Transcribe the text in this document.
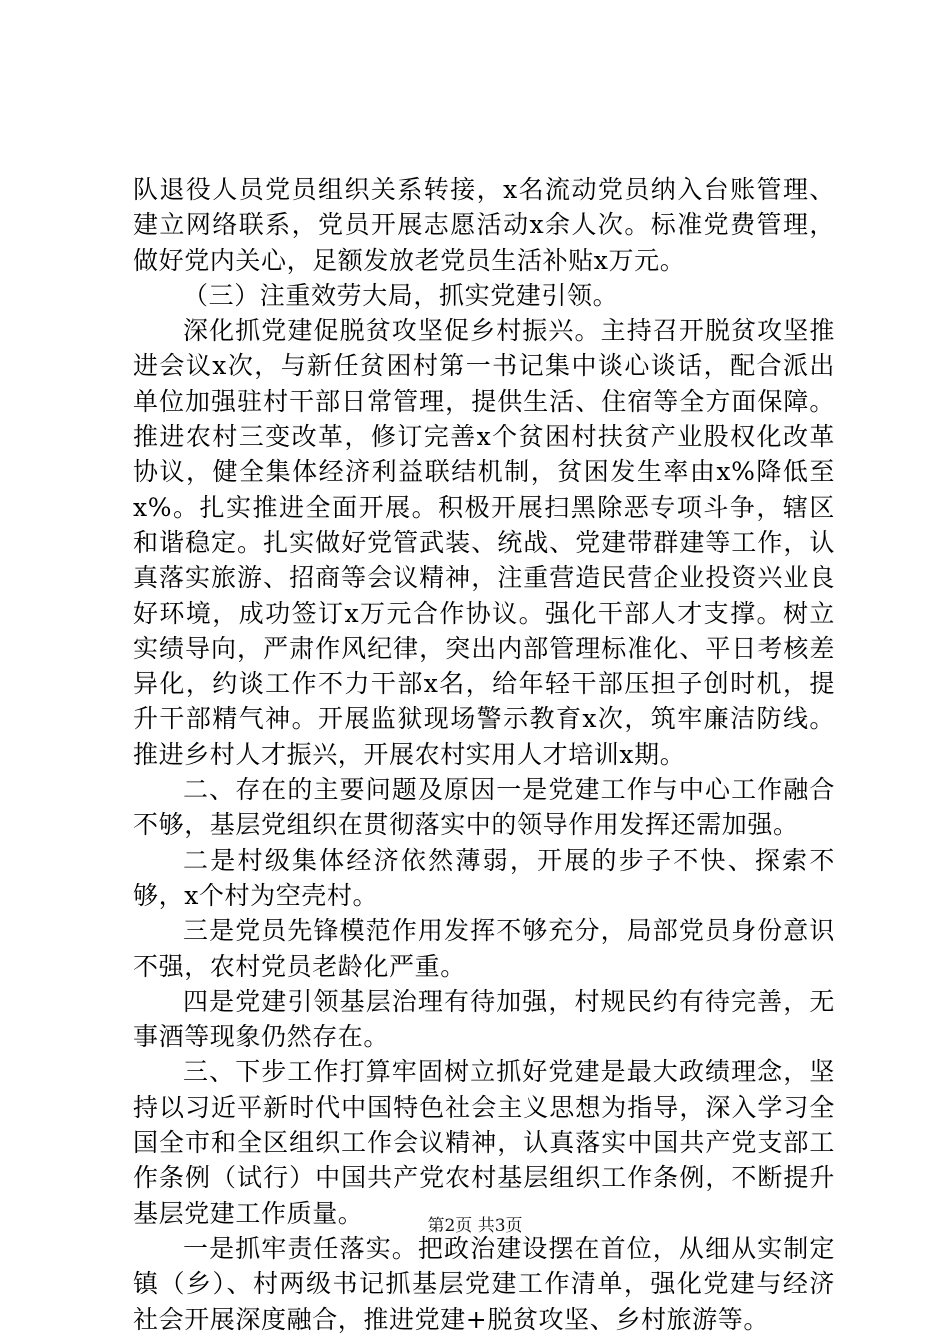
队退役人员党员组织关系转接，x名流动党员纳入台账管理、建立网络联系，党员开展志愿活动x余人次。标准党费管理，做好党内关心，足额发放老党员生活补贴x万元。

（三）注重效劳大局，抓实党建引领。

深化抓党建促脱贫攻坚促乡村振兴。主持召开脱贫攻坚推进会议x次，与新任贫困村第一书记集中谈心谈话，配合派出单位加强驻村干部日常管理，提供生活、住宿等全方面保障。推进农村三变改革，修订完善x个贫困村扶贫产业股权化改革协议，健全集体经济利益联结机制，贫困发生率由x%降低至x%。扎实推进全面开展。积极开展扫黑除恶专项斗争，辖区和谐稳定。扎实做好党管武装、统战、党建带群建等工作，认真落实旅游、招商等会议精神，注重营造民营企业投资兴业良好环境，成功签订x万元合作协议。强化干部人才支撑。树立实绩导向，严肃作风纪律，突出内部管理标准化、平日考核差异化，约谈工作不力干部x名，给年轻干部压担子创时机，提升干部精气神。开展监狱现场警示教育x次，筑牢廉洁防线。推进乡村人才振兴，开展农村实用人才培训x期。

二、存在的主要问题及原因一是党建工作与中心工作融合不够，基层党组织在贯彻落实中的领导作用发挥还需加强。

二是村级集体经济依然薄弱，开展的步子不快、探索不够，x个村为空壳村。

三是党员先锋模范作用发挥不够充分，局部党员身份意识不强，农村党员老龄化严重。

四是党建引领基层治理有待加强，村规民约有待完善，无事酒等现象仍然存在。

三、下步工作打算牢固树立抓好党建是最大政绩理念，坚持以习近平新时代中国特色社会主义思想为指导，深入学习全国全市和全区组织工作会议精神，认真落实中国共产党支部工作条例（试行）中国共产党农村基层组织工作条例，不断提升基层党建工作质量。

一是抓牢责任落实。把政治建设摆在首位，从细从实制定镇（乡）、村两级书记抓基层党建工作清单，强化党建与经济社会开展深度融合，推进党建+脱贫攻坚、乡村旅游等。

第2页 共3页
